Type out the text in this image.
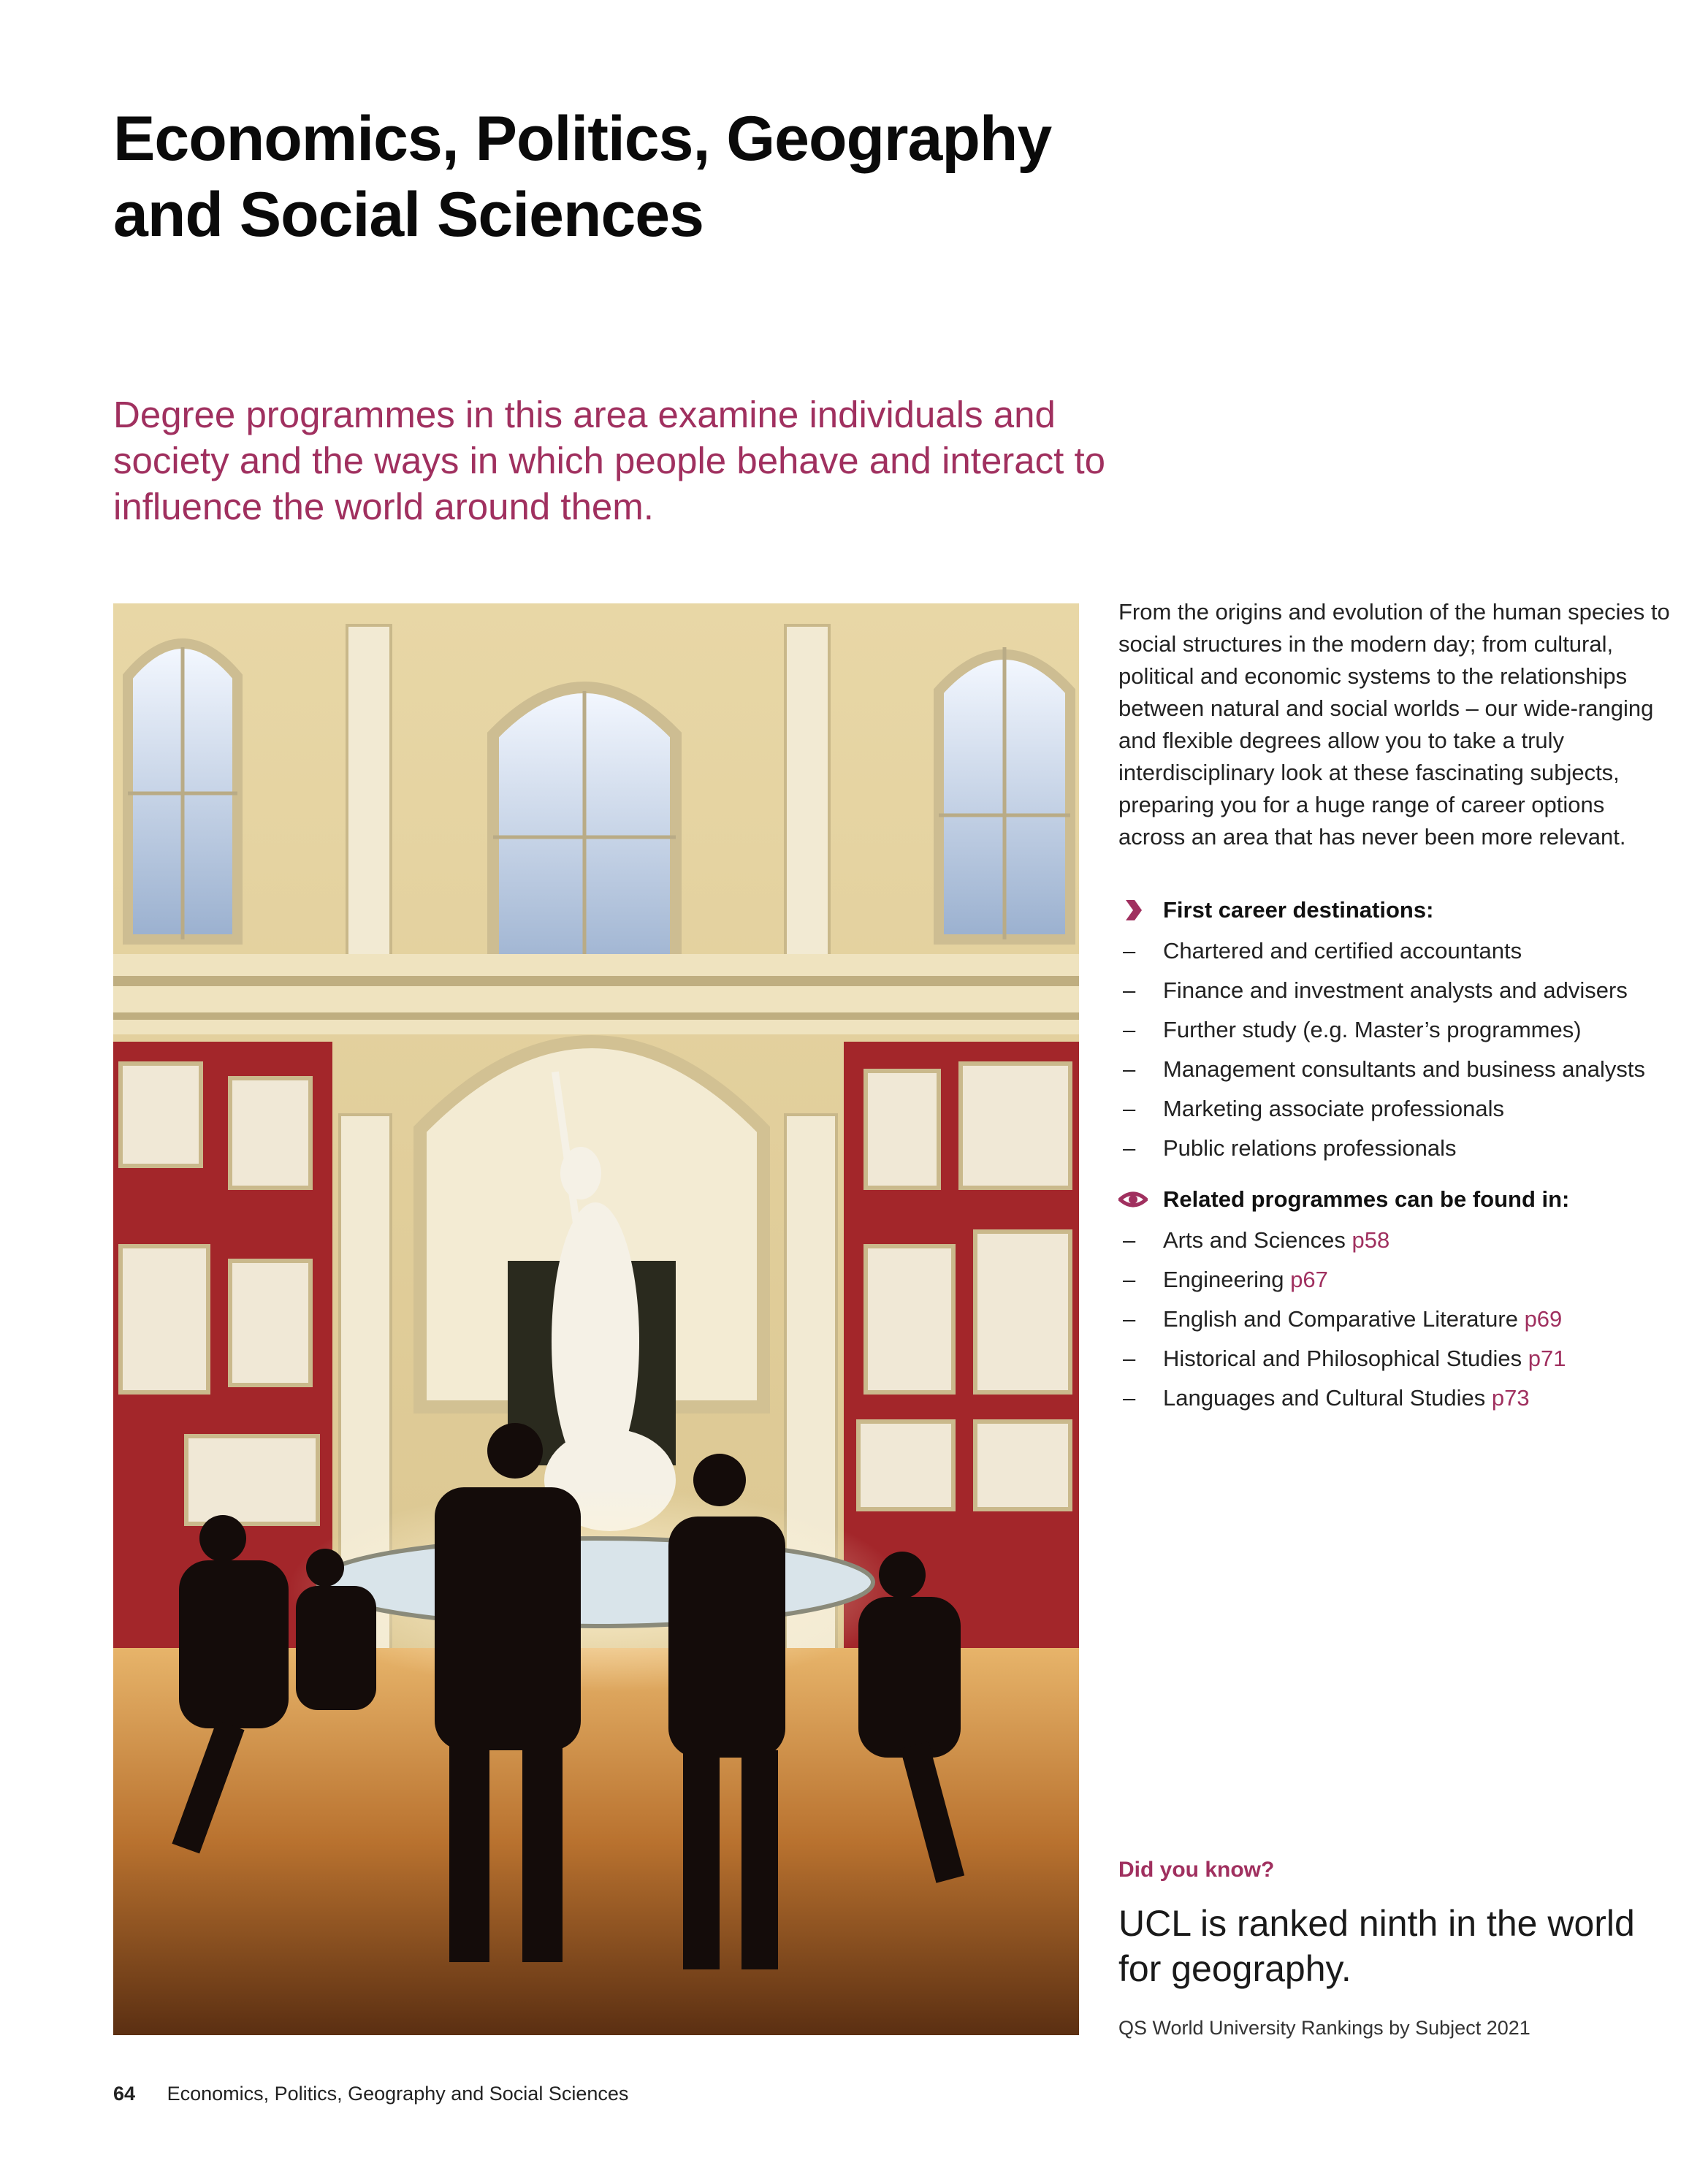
Economics, Politics, Geography
and Social Sciences

Degree programmes in this area examine individuals and society and the ways in which people behave and interact to influence the world around them.

From the origins and evolution of the human species to social structures in the modern day; from cultural, political and economic systems to the relationships between natural and social worlds – our wide-ranging and flexible degrees allow you to take a truly interdisciplinary look at these fascinating subjects, preparing you for a huge range of career options across an area that has never been more relevant.

First career destinations:
– Chartered and certified accountants
– Finance and investment analysts and advisers
– Further study (e.g. Master’s programmes)
– Management consultants and business analysts
– Marketing associate professionals
– Public relations professionals
Related programmes can be found in:
– Arts and Sciences p58
– Engineering p67
– English and Comparative Literature p69
– Historical and Philosophical Studies p71
– Languages and Cultural Studies p73

Did you know?

UCL is ranked ninth in the world for geography.

QS World University Rankings by Subject 2021

64 Economics, Politics, Geography and Social Sciences
